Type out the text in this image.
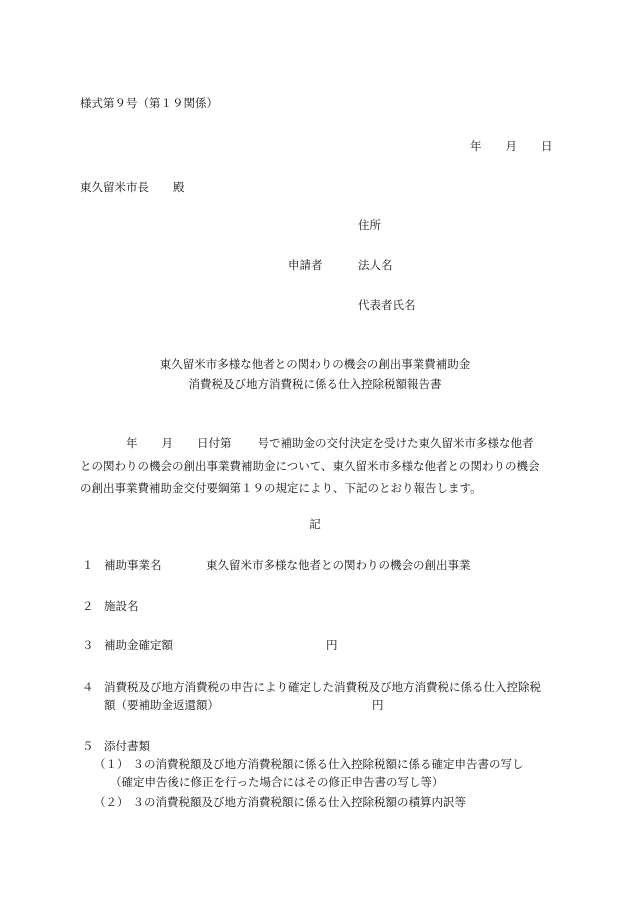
様式第９号（第１９関係）
年 月 日
東久留米市長 殿
住所
申請者	法人名
代表者氏名
東久留米市多様な他者との関わりの機会の創出事業費補助金
消費税及び地方消費税に係る仕入控除税額報告書
年 月 日付第 号で補助金の交付決定を受けた東久留米市多様な他者
との関わりの機会の創出事業費補助金について、東久留米市多様な他者との関わりの機会
の創出事業費補助金交付要綱第１９の規定により、下記のとおり報告します。
記
１ 補助事業名	東久留米市多様な他者との関わりの機会の創出事業
２ 施設名
３ 補助金確定額	円
４ 消費税及び地方消費税の申告により確定した消費税及び地方消費税に係る仕入控除税
額（要補助金返還額）	円
５ 添付書類
（１） ３の消費税額及び地方消費税額に係る仕入控除税額に係る確定申告書の写し
（確定申告後に修正を行った場合にはその修正申告書の写し等）
（２） ３の消費税額及び地方消費税額に係る仕入控除税額の積算内訳等
